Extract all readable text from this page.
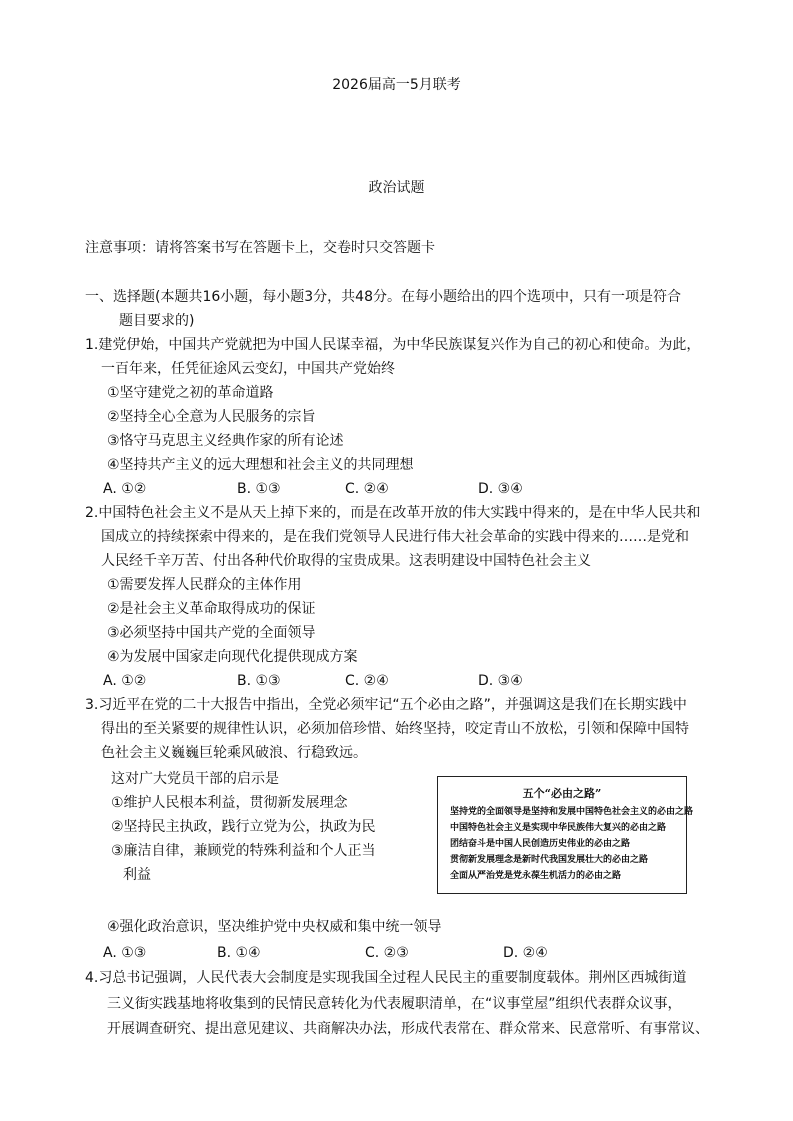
2026届高一5月联考
政治试题
注意事项：请将答案书写在答题卡上，交卷时只交答题卡
一、选择题(本题共16小题，每小题3分，共48分。在每小题给出的四个选项中，只有一项是符合
题目要求的)
1.建党伊始，中国共产党就把为中国人民谋幸福，为中华民族谋复兴作为自己的初心和使命。为此，
一百年来，任凭征途风云变幻，中国共产党始终
①坚守建党之初的革命道路
②坚持全心全意为人民服务的宗旨
③恪守马克思主义经典作家的所有论述
④坚持共产主义的远大理想和社会主义的共同理想
A. ①②	B. ①③	C. ②④	D. ③④
2.中国特色社会主义不是从天上掉下来的，而是在改革开放的伟大实践中得来的，是在中华人民共和
国成立的持续探索中得来的，是在我们党领导人民进行伟大社会革命的实践中得来的……是党和
人民经千辛万苦、付出各种代价取得的宝贵成果。这表明建设中国特色社会主义
①需要发挥人民群众的主体作用
②是社会主义革命取得成功的保证
③必须坚持中国共产党的全面领导
④为发展中国家走向现代化提供现成方案
A. ①②	B. ①③	C. ②④	D. ③④
3.习近平在党的二十大报告中指出，全党必须牢记“五个必由之路”，并强调这是我们在长期实践中
得出的至关紧要的规律性认识，必须加倍珍惜、始终坚持，咬定青山不放松，引领和保障中国特
色社会主义巍巍巨轮乘风破浪、行稳致远。
这对广大党员干部的启示是
①维护人民根本利益，贯彻新发展理念
②坚持民主执政，践行立党为公，执政为民
③廉洁自律，兼顾党的特殊利益和个人正当
利益
五个“必由之路”
坚持党的全面领导是坚持和发展中国特色社会主义的必由之路
中国特色社会主义是实现中华民族伟大复兴的必由之路
团结奋斗是中国人民创造历史伟业的必由之路
贯彻新发展理念是新时代我国发展壮大的必由之路
全面从严治党是党永葆生机活力的必由之路
④强化政治意识，坚决维护党中央权威和集中统一领导
A. ①③	B. ①④	C. ②③	D. ②④
4.习总书记强调，人民代表大会制度是实现我国全过程人民民主的重要制度载体。荆州区西城街道
三义街实践基地将收集到的民情民意转化为代表履职清单，在“议事堂屋”组织代表群众议事，
开展调查研究、提出意见建议、共商解决办法，形成代表常在、群众常来、民意常听、有事常议、
